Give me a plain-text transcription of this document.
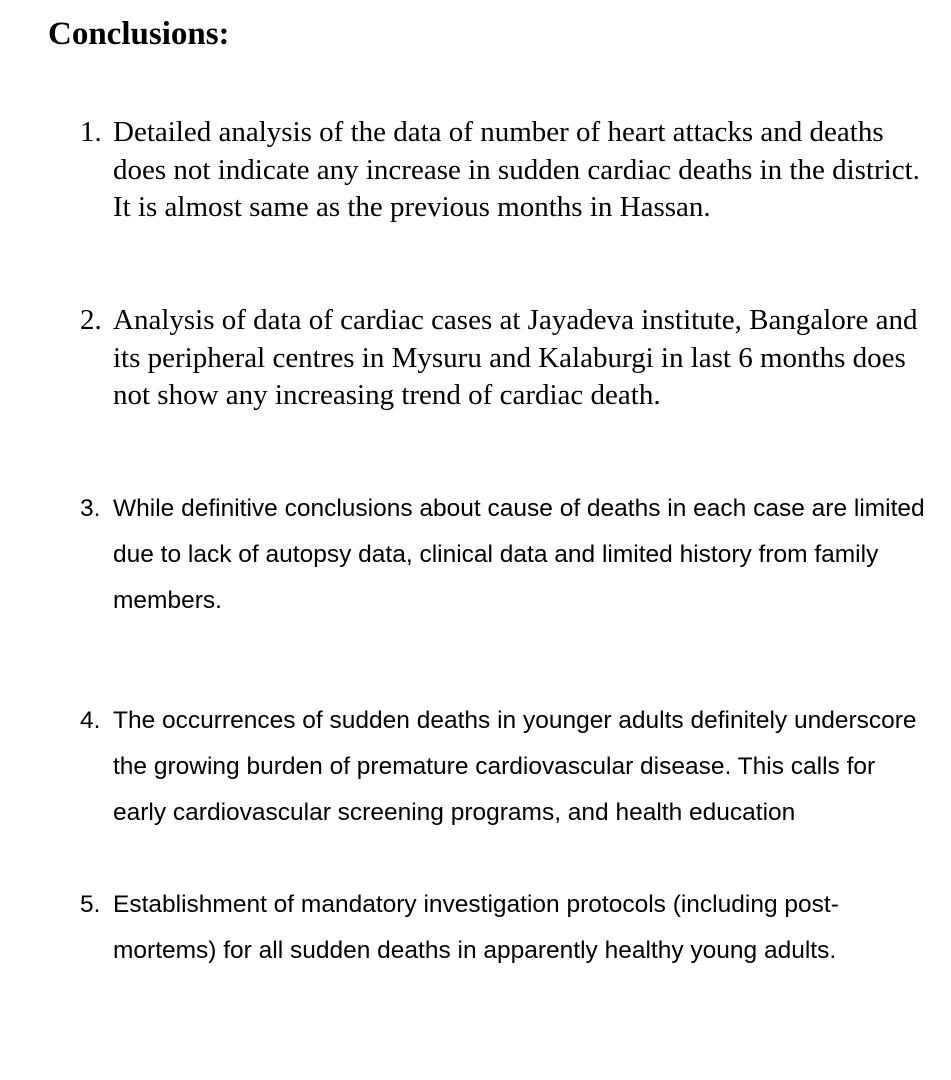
Conclusions:
1. Detailed analysis of the data of number of heart attacks and deaths does not indicate any increase in sudden cardiac deaths in the district. It is almost same as the previous months in Hassan.
2. Analysis of data of cardiac cases at Jayadeva institute, Bangalore and its peripheral centres in Mysuru and Kalaburgi in last 6 months does not show any increasing trend of cardiac death.
3. While definitive conclusions about cause of deaths in each case are limited due to lack of autopsy data, clinical data and limited history from family members.
4. The occurrences of sudden deaths in younger adults definitely underscore the growing burden of premature cardiovascular disease. This calls for early cardiovascular screening programs, and health education
5. Establishment of mandatory investigation protocols (including post-mortems) for all sudden deaths in apparently healthy young adults.
